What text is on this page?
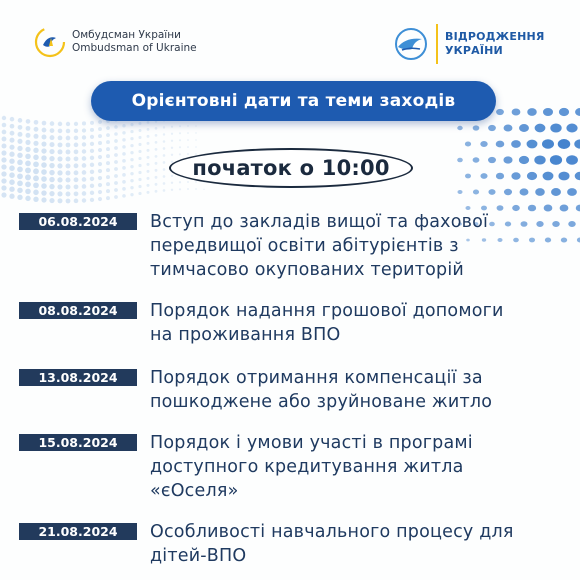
Омбудсман України
Ombudsman of Ukraine
ВІДРОДЖЕННЯ
УКРАЇНИ
Орієнтовні дати та теми заходів
початок о 10:00
06.08.2024	Вступ до закладів вищої та фахової
передвищої освіти абітурієнтів з
тимчасово окупованих територій
08.08.2024	Порядок надання грошової допомоги
на проживання ВПО
13.08.2024	Порядок отримання компенсації за
пошкоджене або зруйноване житло
15.08.2024	Порядок і умови участі в програмі
доступного кредитування житла
«єОселя»
21.08.2024	Особливості навчального процесу для
дітей-ВПО
